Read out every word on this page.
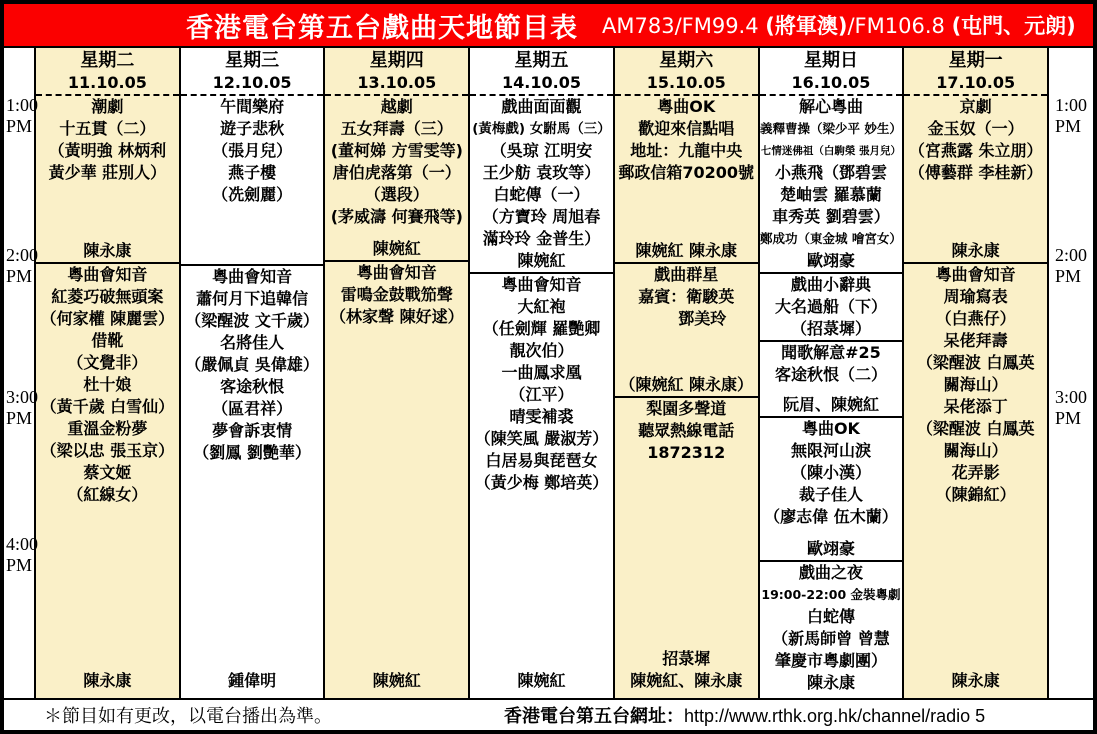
香港電台第五台戲曲天地節目表 AM783/FM99.4 (將軍澳)/FM106.8 (屯門、元朗)
1:00 PM
2:00 PM
3:00 PM
4:00 PM
星期二
11.10.05
潮劇
十五貫（二）
（黃明強 林炳利
黃少華 莊別人）
陳永康
粵曲會知音
紅菱巧破無頭案
（何家權 陳麗雲）
借靴
（文覺非）
杜十娘
（黃千歲 白雪仙）
重溫金粉夢
（梁以忠 張玉京）
蔡文姬
（紅線女）
陳永康
星期三
12.10.05
午間樂府
遊子悲秋
（張月兒）
燕子樓
（冼劍麗）
粵曲會知音
蕭何月下追韓信
（梁醒波 文千歲）
名將佳人
（嚴佩貞 吳偉雄）
客途秋恨
（區君祥）
夢會訴衷情
（劉鳳 劉艷華）
鍾偉明
星期四
13.10.05
越劇
五女拜壽（三）
(董柯娣 方雪雯等)
唐伯虎落第（一）
（選段）
(茅威濤 何賽飛等)
陳婉紅
粵曲會知音
雷鳴金鼓戰笳聲
（林家聲 陳好逑）
陳婉紅
星期五
14.10.05
戲曲面面觀
(黃梅戲) 女駙馬（三）
（吳琼 江明安
王少舫 袁玫等）
白蛇傳（一）
（方寶玲 周旭春
滿玲玲 金普生）
陳婉紅
粵曲會知音
大紅袍
（任劍輝 羅艷卿
靚次伯）
一曲鳳求凰
（江平）
晴雯補裘
（陳笑風 嚴淑芳）
白居易與琵琶女
（黃少梅 鄭培英）
陳婉紅
星期六
15.10.05
粵曲OK
歡迎來信點唱
地址：九龍中央
郵政信箱70200號
陳婉紅 陳永康
戲曲群星
嘉賓：衛駿英
　　鄧美玲
（陳婉紅 陳永康）
梨園多聲道
聽眾熱線電話
1872312
招菉墀
陳婉紅、陳永康
星期日
16.10.05
解心粵曲
義釋曹操（梁少平 妙生）
七情迷佛祖（白駒榮 張月兒）
小燕飛（鄧碧雲
楚岫雲 羅慕蘭
車秀英 劉碧雲）
鄭成功（東金城 噲宮女）
歐翊豪
戲曲小辭典
大名過船（下）
（招菉墀）
聞歌解意#25
客途秋恨（二）
阮眉、陳婉紅
粵曲OK
無限河山淚
（陳小漢）
裁子佳人
（廖志偉 伍木蘭）
歐翊豪
戲曲之夜
19:00-22:00 金裝粵劇
白蛇傳
（新馬師曾 曾慧
肇慶市粵劇團）
陳永康
星期一
17.10.05
京劇
金玉奴（一）
（宮燕露 朱立朋）
（傅藝群 李桂新）
陳永康
粵曲會知音
周瑜寫表
（白燕仔）
呆佬拜壽
（梁醒波 白鳳英
關海山）
呆佬添丁
（梁醒波 白鳳英
關海山）
花弄影
（陳錦紅）
陳永康
1:00 PM
2:00 PM
3:00 PM
＊節目如有更改，以電台播出為準。	香港電台第五台網址：http://www.rthk.org.hk/channel/radio 5
